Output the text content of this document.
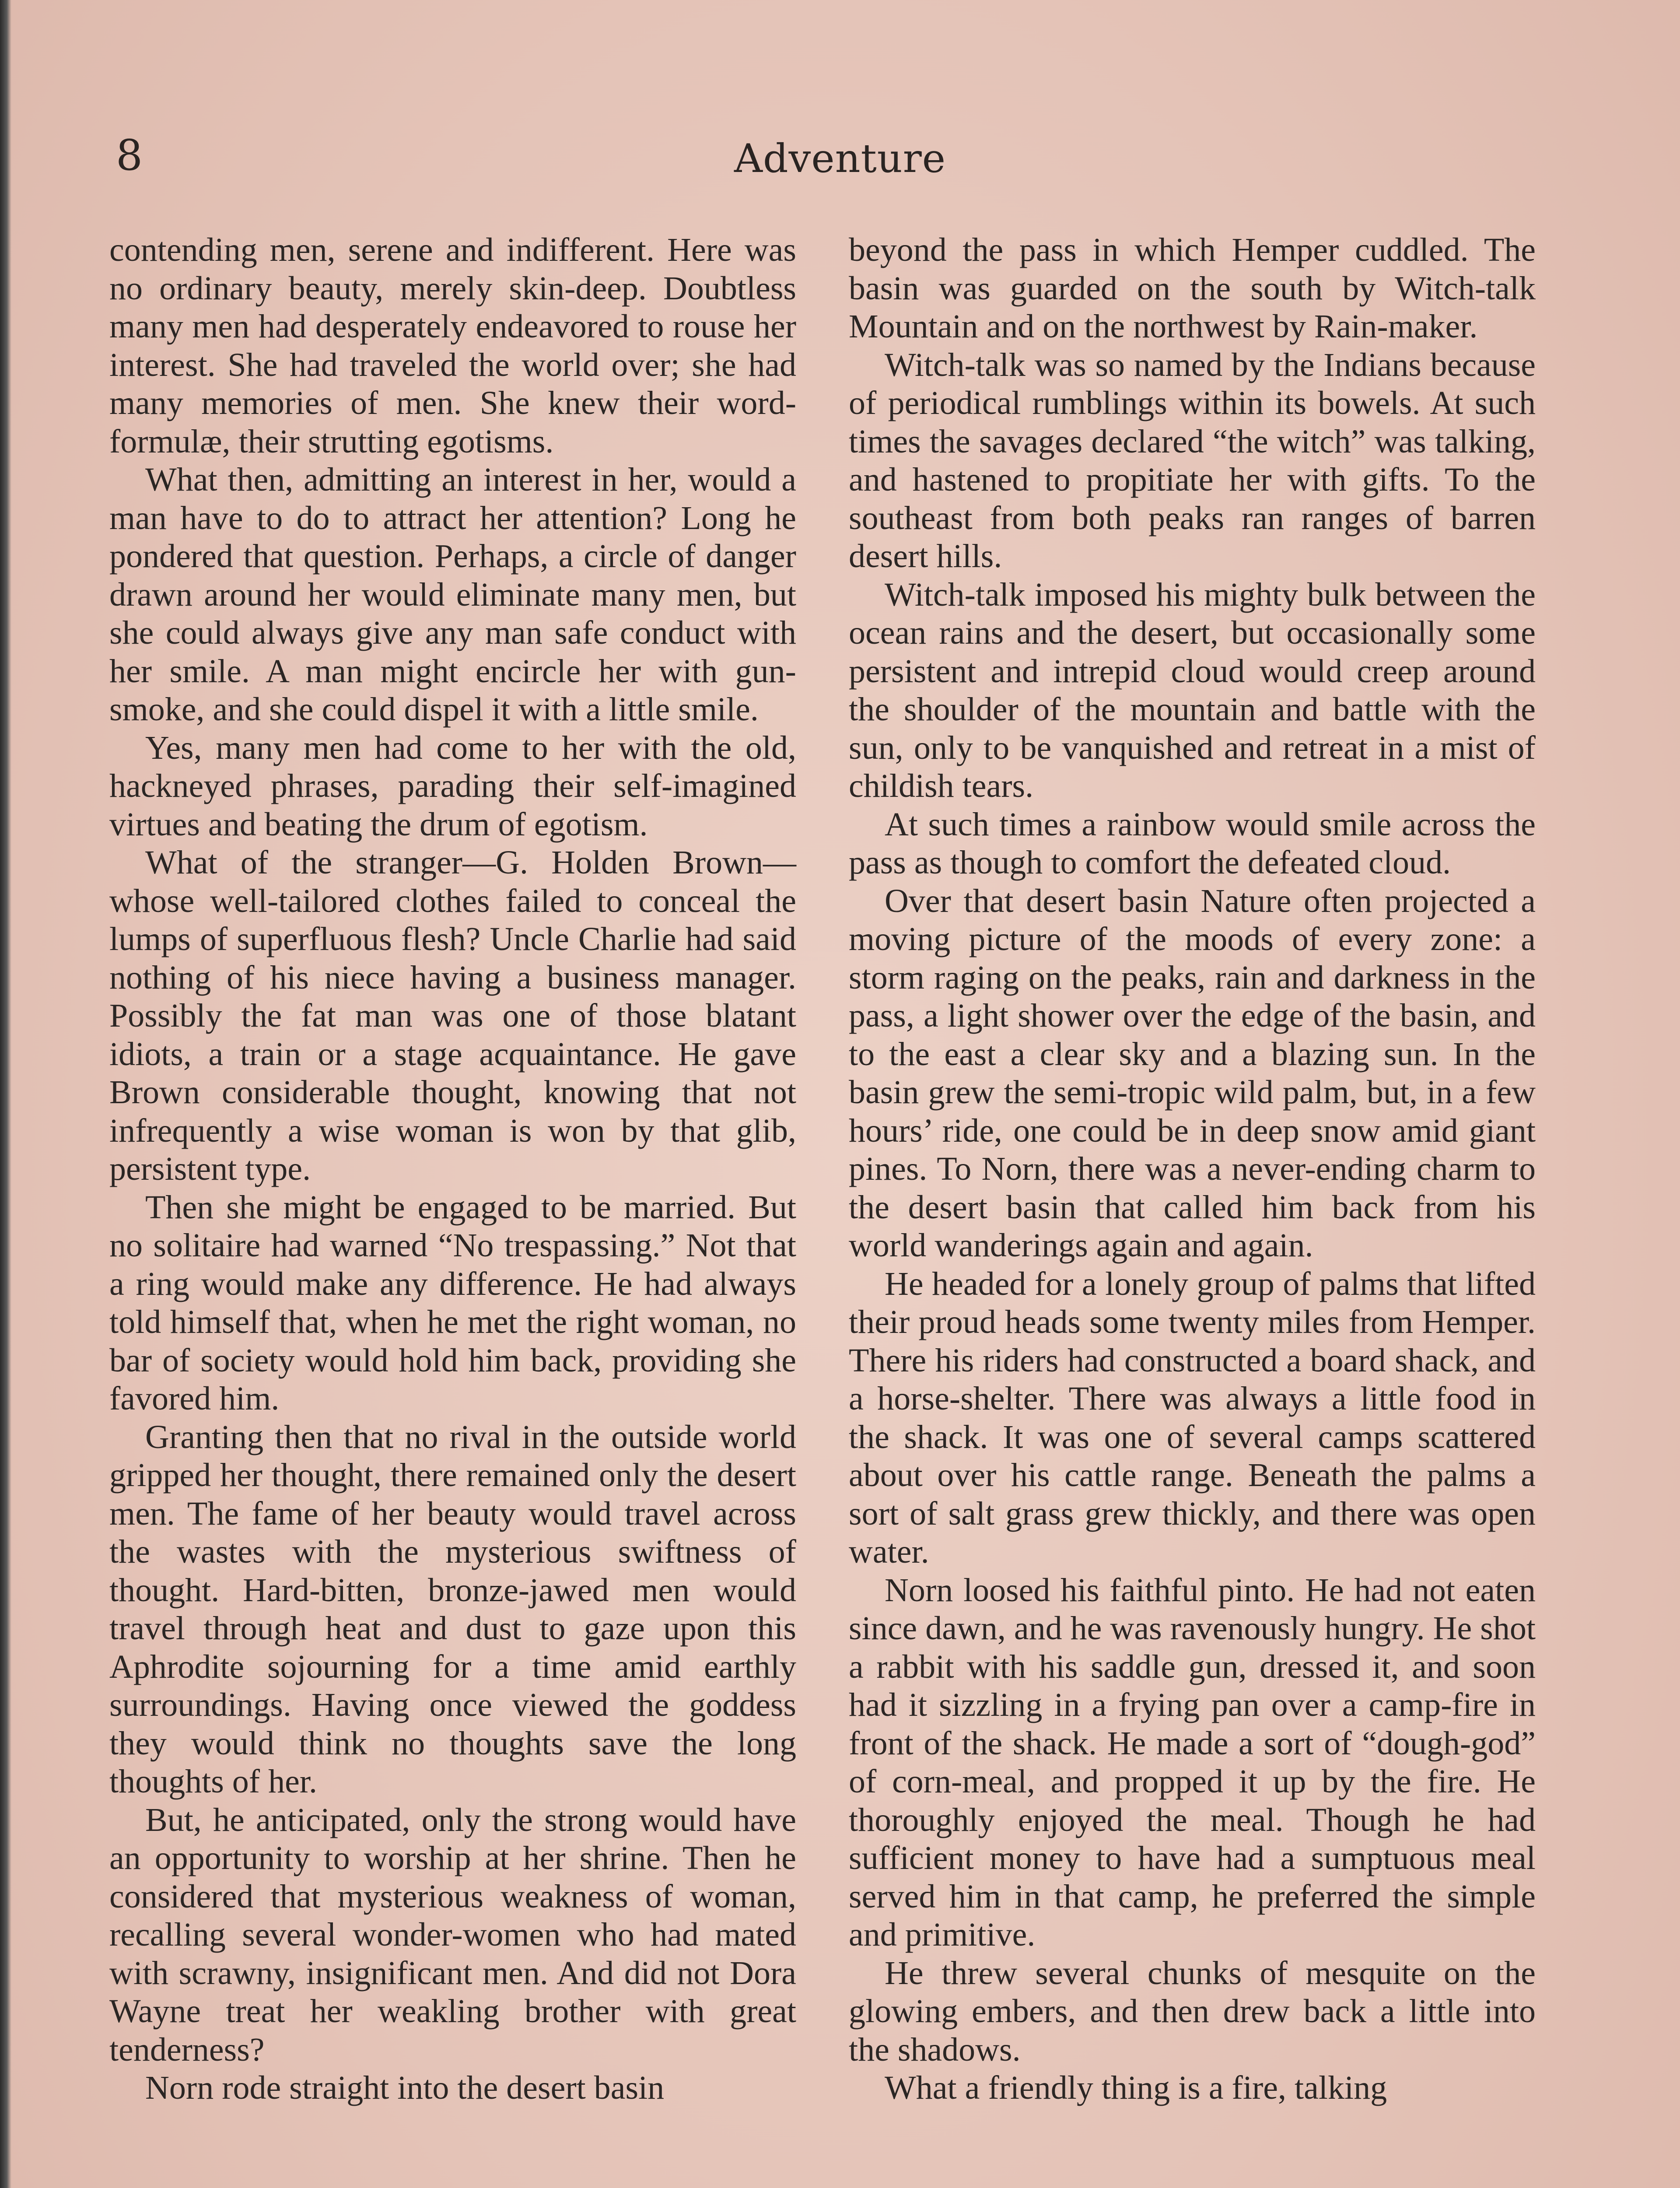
8	Adventure

contending men, serene and indifferent. Here was no ordinary beauty, merely skin-deep. Doubtless many men had desperately endeavored to rouse her interest. She had traveled the world over; she had many memories of men. She knew their word-formulæ, their strutting egotisms.

What then, admitting an interest in her, would a man have to do to attract her attention? Long he pondered that question. Perhaps, a circle of danger drawn around her would eliminate many men, but she could always give any man safe conduct with her smile. A man might encircle her with gun-smoke, and she could dispel it with a little smile.

Yes, many men had come to her with the old, hackneyed phrases, parading their self-imagined virtues and beating the drum of egotism.

What of the stranger—G. Holden Brown—whose well-tailored clothes failed to conceal the lumps of superfluous flesh? Uncle Charlie had said nothing of his niece having a business manager. Possibly the fat man was one of those blatant idiots, a train or a stage acquaintance. He gave Brown considerable thought, knowing that not infrequently a wise woman is won by that glib, persistent type.

Then she might be engaged to be married. But no solitaire had warned “No trespassing.” Not that a ring would make any difference. He had always told himself that, when he met the right woman, no bar of society would hold him back, providing she favored him.

Granting then that no rival in the outside world gripped her thought, there remained only the desert men. The fame of her beauty would travel across the wastes with the mysterious swiftness of thought. Hard-bitten, bronze-jawed men would travel through heat and dust to gaze upon this Aphrodite sojourning for a time amid earthly surroundings. Having once viewed the goddess they would think no thoughts save the long thoughts of her.

But, he anticipated, only the strong would have an opportunity to worship at her shrine. Then he considered that mysterious weakness of woman, recalling several wonder-women who had mated with scrawny, insignificant men. And did not Dora Wayne treat her weakling brother with great tenderness?

Norn rode straight into the desert basin

beyond the pass in which Hemper cuddled. The basin was guarded on the south by Witch-talk Mountain and on the northwest by Rain-maker.

Witch-talk was so named by the Indians because of periodical rumblings within its bowels. At such times the savages declared “the witch” was talking, and hastened to propitiate her with gifts. To the southeast from both peaks ran ranges of barren desert hills.

Witch-talk imposed his mighty bulk between the ocean rains and the desert, but occasionally some persistent and intrepid cloud would creep around the shoulder of the mountain and battle with the sun, only to be vanquished and retreat in a mist of childish tears.

At such times a rainbow would smile across the pass as though to comfort the defeated cloud.

Over that desert basin Nature often projected a moving picture of the moods of every zone: a storm raging on the peaks, rain and darkness in the pass, a light shower over the edge of the basin, and to the east a clear sky and a blazing sun. In the basin grew the semi-tropic wild palm, but, in a few hours’ ride, one could be in deep snow amid giant pines. To Norn, there was a never-ending charm to the desert basin that called him back from his world wanderings again and again.

He headed for a lonely group of palms that lifted their proud heads some twenty miles from Hemper. There his riders had constructed a board shack, and a horse-shelter. There was always a little food in the shack. It was one of several camps scattered about over his cattle range. Beneath the palms a sort of salt grass grew thickly, and there was open water.

Norn loosed his faithful pinto. He had not eaten since dawn, and he was ravenously hungry. He shot a rabbit with his saddle gun, dressed it, and soon had it sizzling in a frying pan over a camp-fire in front of the shack. He made a sort of “dough-god” of corn-meal, and propped it up by the fire. He thoroughly enjoyed the meal. Though he had sufficient money to have had a sumptuous meal served him in that camp, he preferred the simple and primitive.

He threw several chunks of mesquite on the glowing embers, and then drew back a little into the shadows.

What a friendly thing is a fire, talking
